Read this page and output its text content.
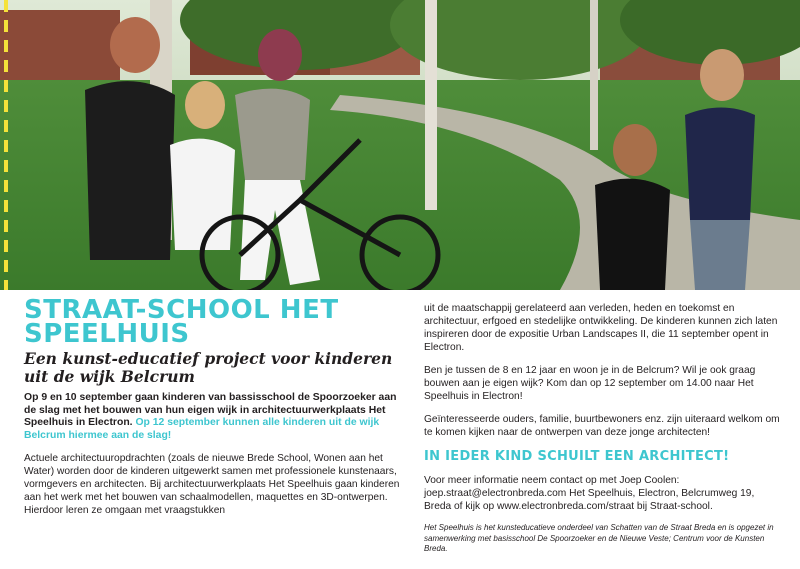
STRAAT-SCHOOL HET SPEELHUIS

Een kunst-educatief project voor kinderen uit de wijk Belcrum

Op 9 en 10 september gaan kinderen van bassisschool de Spoorzoeker aan de slag met het bouwen van hun eigen wijk in architectuurwerkplaats Het Speelhuis in Electron. Op 12 september kunnen alle kinderen uit de wijk Belcrum hiermee aan de slag!

Actuele architectuuropdrachten (zoals de nieuwe Brede School, Wonen aan het Water) worden door de kinderen uitgewerkt samen met professionele kunstenaars, vormgevers en architecten. Bij architectuurwerkplaats Het Speelhuis gaan kinderen aan het werk met het bouwen van schaalmodellen, maquettes en 3D-ontwerpen. Hierdoor leren ze omgaan met vraagstukken

uit de maatschappij gerelateerd aan verleden, heden en toekomst en architectuur, erfgoed en stedelijke ontwikkeling. De kinderen kunnen zich laten inspireren door de expositie Urban Landscapes II, die 11 september opent in Electron.

Ben je tussen de 8 en 12 jaar en woon je in de Belcrum? Wil je ook graag bouwen aan je eigen wijk? Kom dan op 12 september om 14.00 naar Het Speelhuis in Electron!

Geïnteresseerde ouders, familie, buurtbewoners enz. zijn uiteraard welkom om te komen kijken naar de ontwerpen van deze jonge architecten!

IN IEDER KIND SCHUILT EEN ARCHITECT!

Voor meer informatie neem contact op met Joep Coolen:
joep.straat@electronbreda.com Het Speelhuis, Electron, Belcrumweg 19,
Breda of kijk op www.electronbreda.com/straat bij Straat-school.

Het Speelhuis is het kunsteducatieve onderdeel van Schatten van de Straat Breda en is opgezet in samenwerking met basisschool De Spoorzoeker en de Nieuwe Veste; Centrum voor de Kunsten Breda.
